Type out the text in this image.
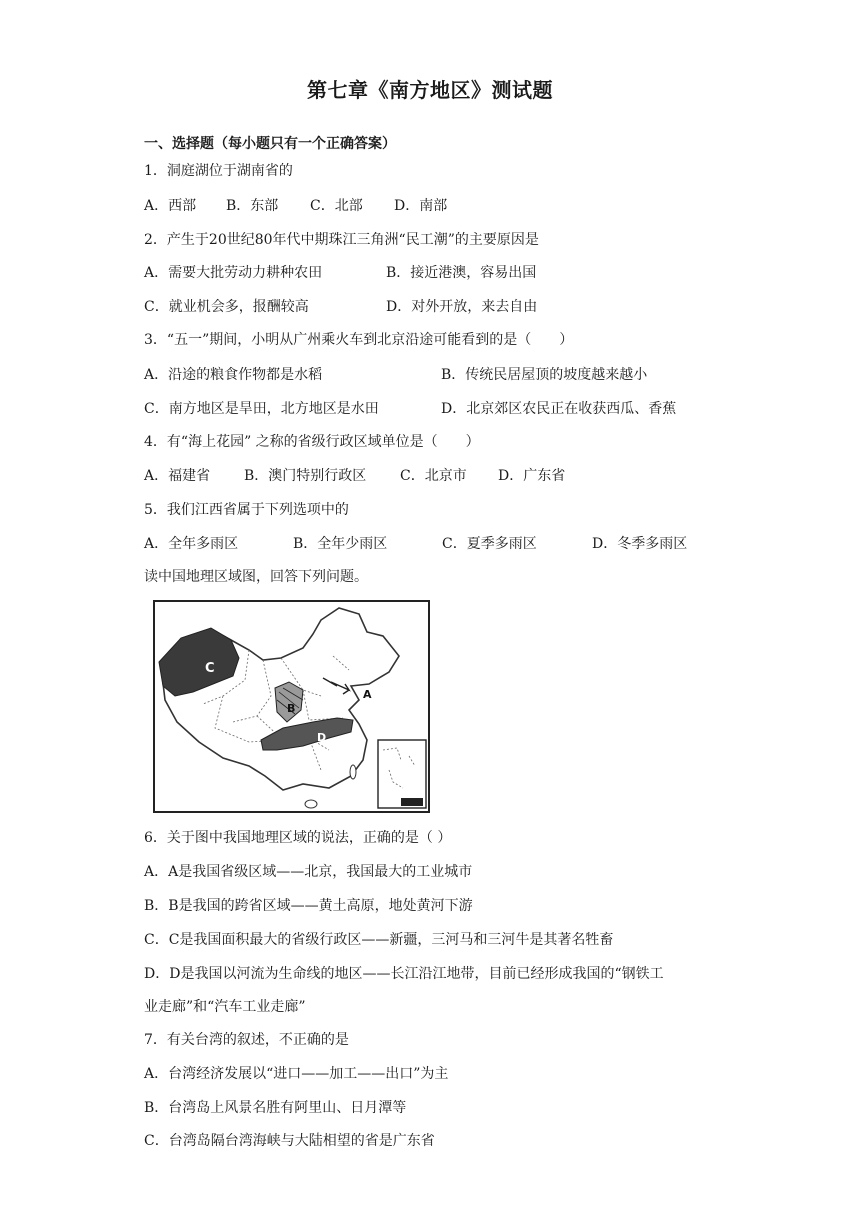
第七章《南方地区》测试题
一、选择题（每小题只有一个正确答案）
1．洞庭湖位于湖南省的
A．西部 B．东部 C．北部 D．南部
2．产生于20世纪80年代中期珠江三角洲“民工潮”的主要原因是
A．需要大批劳动力耕种农田	B．接近港澳，容易出国
C．就业机会多，报酬较高	D．对外开放，来去自由
3．“五一”期间，小明从广州乘火车到北京沿途可能看到的是（　　）
A．沿途的粮食作物都是水稻	B．传统民居屋顶的坡度越来越小
C．南方地区是旱田，北方地区是水田	D．北京郊区农民正在收获西瓜、香蕉
4．有“海上花园” 之称的省级行政区域单位是（　　）
A．福建省 B．澳门特别行政区 C．北京市 D．广东省
5．我们江西省属于下列选项中的
A．全年多雨区	B．全年少雨区	C．夏季多雨区	D．冬季多雨区
读中国地理区域图，回答下列问题。
C
B
A
D
6．关于图中我国地理区域的说法，正确的是（ ）
A．A是我国省级区域——北京，我国最大的工业城市
B．B是我国的跨省区域——黄土高原，地处黄河下游
C．C是我国面积最大的省级行政区——新疆，三河马和三河牛是其著名牲畜
D．D是我国以河流为生命线的地区——长江沿江地带，目前已经形成我国的“钢铁工
业走廊”和“汽车工业走廊”
7．有关台湾的叙述，不正确的是
A．台湾经济发展以“进口——加工——出口”为主
B．台湾岛上风景名胜有阿里山、日月潭等
C．台湾岛隔台湾海峡与大陆相望的省是广东省
